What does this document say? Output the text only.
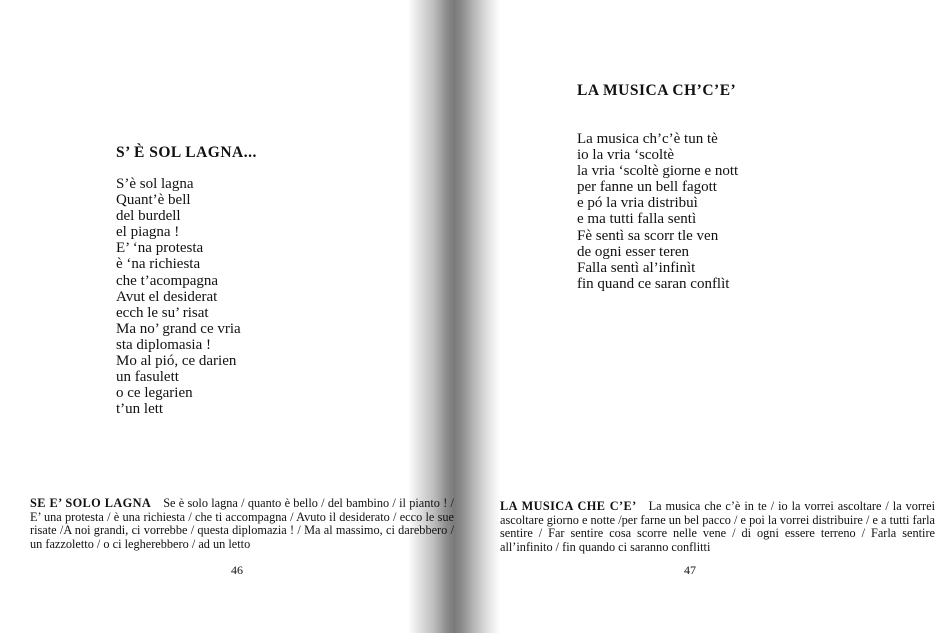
S’ È SOL LAGNA...
S’è sol lagna
Quant’è bell
del burdell
el piagna !
E’ ‘na protesta
è ‘na richiesta
che t’acompagna
Avut el desiderat
ecch le su’ risat
Ma no’ grand ce vria
sta diplomasia !
Mo al pió, ce darien
un fasulett
o ce legarien
t’un lett
SE E’ SOLO LAGNA Se è solo lagna / quanto è bello / del bambino / il pianto ! / E’ una protesta / è una richiesta / che ti accompagna / Avuto il desiderato / ecco le sue risate /A noi grandi, ci vorrebbe / questa diplomazia ! / Ma al massimo, ci darebbero / un fazzoletto / o ci legherebbero / ad un letto
46
LA MUSICA CH’C’E’
La musica ch’c’è tun tè
io la vria ‘scoltè
la vria ‘scoltè giorne e nott
per fanne un bell fagott
e pó la vria distribuì
e ma tutti falla sentì
Fè sentì sa scorr tle ven
de ogni esser teren
Falla sentì al’infinìt
fin quand ce saran conflìt
LA MUSICA CHE C’E’ La musica che c’è in te / io la vorrei ascoltare / la vorrei ascoltare giorno e notte /per farne un bel pacco / e poi la vorrei distribuire / e a tutti farla sentire / Far sentire cosa scorre nelle vene / di ogni essere terreno / Farla sentire all’infinito / fin quando ci saranno conflitti
47
